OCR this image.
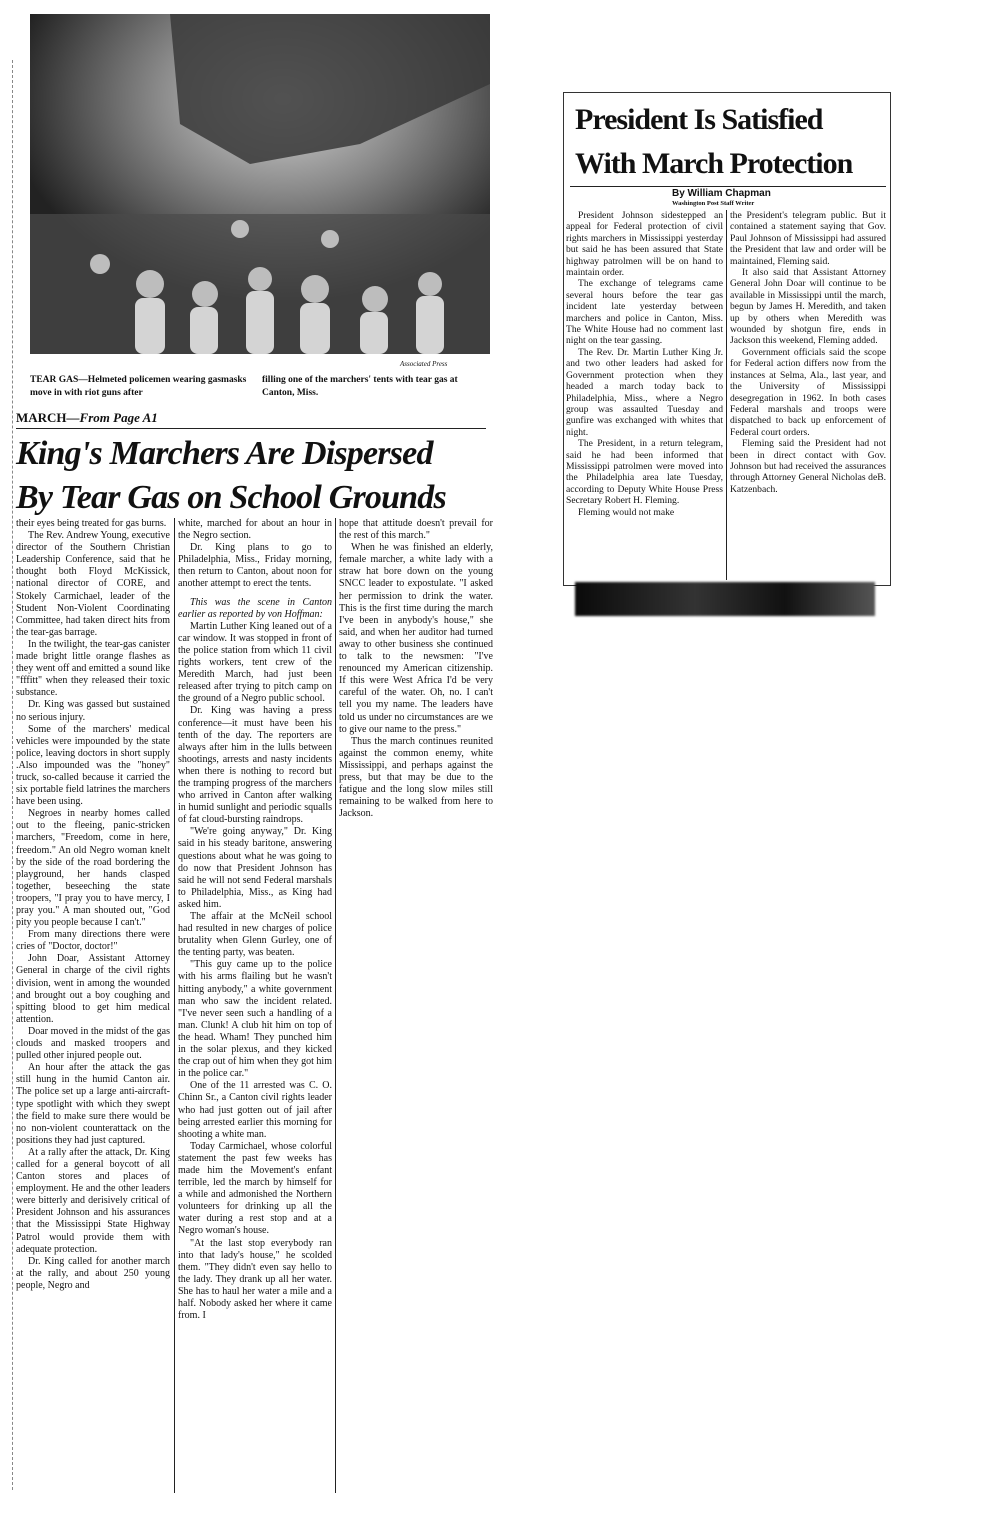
Associated Press
TEAR GAS—Helmeted policemen wearing gasmasks move in with riot guns after
filling one of the marchers' tents with tear gas at Canton, Miss.
MARCH—From Page A1
King's Marchers Are Dispersed
By Tear Gas on School Grounds

their eyes being treated for gas burns.

The Rev. Andrew Young, executive director of the Southern Christian Leadership Conference, said that he thought both Floyd McKissick, national director of CORE, and Stokely Carmichael, leader of the Student Non-Violent Coordinating Committee, had taken direct hits from the tear-gas barrage.

In the twilight, the tear-gas canister made bright little orange flashes as they went off and emitted a sound like "fffitt" when they released their toxic substance.

Dr. King was gassed but sustained no serious injury.

Some of the marchers' medical vehicles were impounded by the state police, leaving doctors in short supply .Also impounded was the "honey" truck, so-called because it carried the six portable field latrines the marchers have been using.

Negroes in nearby homes called out to the fleeing, panic-stricken marchers, "Freedom, come in here, freedom." An old Negro woman knelt by the side of the road bordering the playground, her hands clasped together, beseeching the state troopers, "I pray you to have mercy, I pray you." A man shouted out, "God pity you people because I can't."

From many directions there were cries of "Doctor, doctor!"

John Doar, Assistant Attorney General in charge of the civil rights division, went in among the wounded and brought out a boy coughing and spitting blood to get him medical attention.

Doar moved in the midst of the gas clouds and masked troopers and pulled other injured people out.

An hour after the attack the gas still hung in the humid Canton air. The police set up a large anti-aircraft-type spotlight with which they swept the field to make sure there would be no non-violent counterattack on the positions they had just captured.

At a rally after the attack, Dr. King called for a general boycott of all Canton stores and places of employment. He and the other leaders were bitterly and derisively critical of President Johnson and his assurances that the Mississippi State Highway Patrol would provide them with adequate protection.

Dr. King called for another march at the rally, and about 250 young people, Negro and

white, marched for about an hour in the Negro section.

Dr. King plans to go to Philadelphia, Miss., Friday morning, then return to Canton, about noon for another attempt to erect the tents.

This was the scene in Canton earlier as reported by von Hoffman:

Martin Luther King leaned out of a car window. It was stopped in front of the police station from which 11 civil rights workers, tent crew of the Meredith March, had just been released after trying to pitch camp on the ground of a Negro public school.

Dr. King was having a press conference—it must have been his tenth of the day. The reporters are always after him in the lulls between shootings, arrests and nasty incidents when there is nothing to record but the tramping progress of the marchers who arrived in Canton after walking in humid sunlight and periodic squalls of fat cloud-bursting raindrops.

"We're going anyway," Dr. King said in his steady baritone, answering questions about what he was going to do now that President Johnson has said he will not send Federal marshals to Philadelphia, Miss., as King had asked him.

The affair at the McNeil school had resulted in new charges of police brutality when Glenn Gurley, one of the tenting party, was beaten.

"This guy came up to the police with his arms flailing but he wasn't hitting anybody," a white government man who saw the incident related. "I've never seen such a handling of a man. Clunk! A club hit him on top of the head. Wham! They punched him in the solar plexus, and they kicked the crap out of him when they got him in the police car."

One of the 11 arrested was C. O. Chinn Sr., a Canton civil rights leader who had just gotten out of jail after being arrested earlier this morning for shooting a white man.

Today Carmichael, whose colorful statement the past few weeks has made him the Movement's enfant terrible, led the march by himself for a while and admonished the Northern volunteers for drinking up all the water during a rest stop and at a Negro woman's house.

"At the last stop everybody ran into that lady's house," he scolded them. "They didn't even say hello to the lady. They drank up all her water. She has to haul her water a mile and a half. Nobody asked her where it came from. I

hope that attitude doesn't prevail for the rest of this march."

When he was finished an elderly, female marcher, a white lady with a straw hat bore down on the young SNCC leader to expostulate. "I asked her permission to drink the water. This is the first time during the march I've been in anybody's house," she said, and when her auditor had turned away to other business she continued to talk to the newsmen: "I've renounced my American citizenship. If this were West Africa I'd be very careful of the water. Oh, no. I can't tell you my name. The leaders have told us under no circumstances are we to give our name to the press."

Thus the march continues reunited against the common enemy, white Mississippi, and perhaps against the press, but that may be due to the fatigue and the long slow miles still remaining to be walked from here to Jackson.

President Is Satisfied
With March Protection
By William Chapman
Washington Post Staff Writer

President Johnson sidestepped an appeal for Federal protection of civil rights marchers in Mississippi yesterday but said he has been assured that State highway patrolmen will be on hand to maintain order.

The exchange of telegrams came several hours before the tear gas incident late yesterday between marchers and police in Canton, Miss. The White House had no comment last night on the tear gassing.

The Rev. Dr. Martin Luther King Jr. and two other leaders had asked for Government protection when they headed a march today back to Philadelphia, Miss., where a Negro group was assaulted Tuesday and gunfire was exchanged with whites that night.

The President, in a return telegram, said he had been informed that Mississippi patrolmen were moved into the Philadelphia area late Tuesday, according to Deputy White House Press Secretary Robert H. Fleming.

Fleming would not make

the President's telegram public. But it contained a statement saying that Gov. Paul Johnson of Mississippi had assured the President that law and order will be maintained, Fleming said.

It also said that Assistant Attorney General John Doar will continue to be available in Mississippi until the march, begun by James H. Meredith, and taken up by others when Meredith was wounded by shotgun fire, ends in Jackson this weekend, Fleming added.

Government officials said the scope for Federal action differs now from the instances at Selma, Ala., last year, and the University of Mississippi desegregation in 1962. In both cases Federal marshals and troops were dispatched to back up enforcement of Federal court orders.

Fleming said the President had not been in direct contact with Gov. Johnson but had received the assurances through Attorney General Nicholas deB. Katzenbach.
